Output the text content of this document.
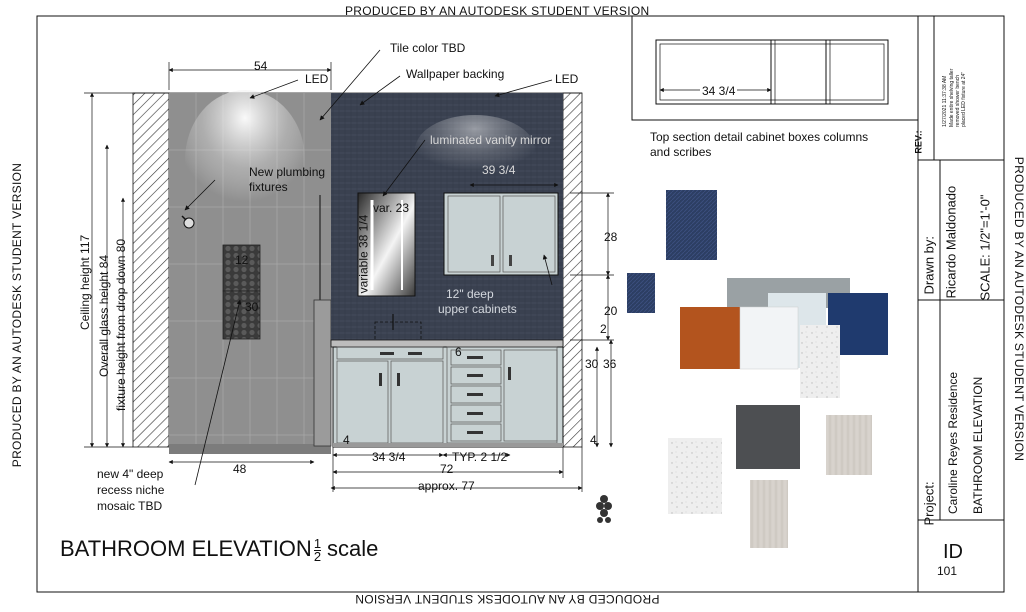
PRODUCED BY AN AUTODESK STUDENT VERSION
PRODUCED BY AN AUTODESK STUDENT VERSION
PRODUCED BY AN AUTODESK STUDENT VERSION	PRODUCED BY AN AUTODESK STUDENT VERSION
Tile color TBD
Wallpaper backing
LED	LED
luminated vanity mirror
New plumbing
fixtures
new 4" deep
recess niche
mosaic TBD
12" deep
upper cabinets
Top section detail cabinet boxes columns
and scribes
var. 23
variable 38 1/4
54
39 3/4
12
30
28
20
2
6
30 36
4	4
48
34 3/4	TYP. 2 1/2
72
approx. 77
34 3/4
Ceiling height 117 Overall glass height 84 fixture height from drop down 80
BATHROOM ELEVATION $\frac{1}{2}$ scale
REV.:
1/27/2021 11:37:38 AM Made entire shelving taller removed shower bench placed LED fixture at 24"
Drawn by: Ricardo Maldonado SCALE: 1/2"=1'-0"
Project: Caroline Reyes Residence BATHROOM ELEVATION
ID
101
